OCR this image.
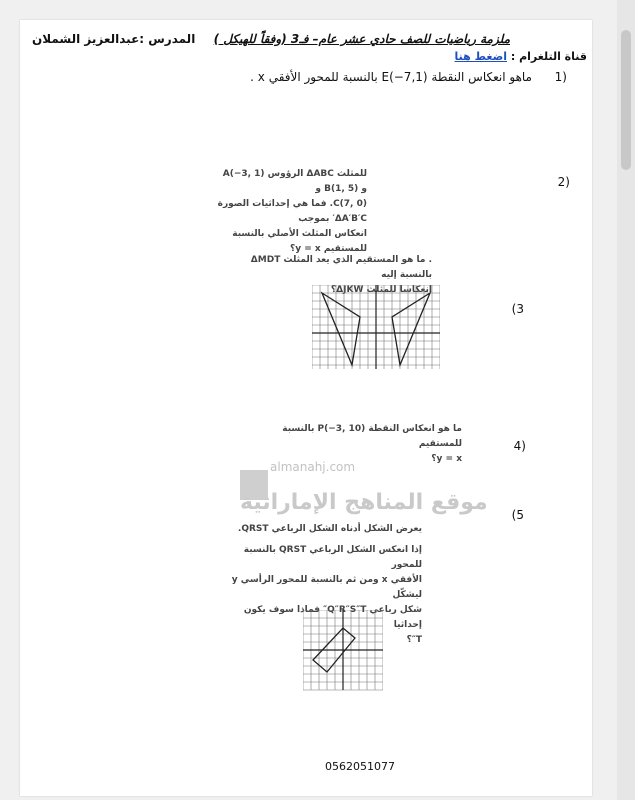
ملزمة رياضيات للصف حادي عشر عام– فـ3 (وفقاً للهيكل )
المدرس :عبدالعزيز الشملان
قناة التلغرام : اضغط هنا
1)
ماهو انعكاس النقطة E(−7,1) بالنسبة للمحور الأفقي x .
2)
للمثلث ΔABC الرؤوس A(−3, 1) و B(1, 5) و
C(7, 0). فما هي إحداثيات الصورة ΔA′B′C′ بموجب
انعكاس المثلث الأصلي بالنسبة للمستقيم y = x؟
(3
. ما هو المستقيم الذي يعد المثلث ΔMDT بالنسبة إليه
انعكاسا للمثلث ΔJKW؟
4)
ما هو انعكاس النقطة P(−3, 10) بالنسبة للمستقيم
y = x؟
almanahj.com
موقع المناهج الإماراتية (5
يعرض الشكل أدناه الشكل الرباعي QRST.
إذا انعكس الشكل الرباعي QRST بالنسبة للمحور
الأفقي x ومن ثم بالنسبة للمحور الرأسي y ليشكّل
شكل رباعي Q″R″S″T″ فماذا سوف يكون إحداثيا
T″؟
0562051077
